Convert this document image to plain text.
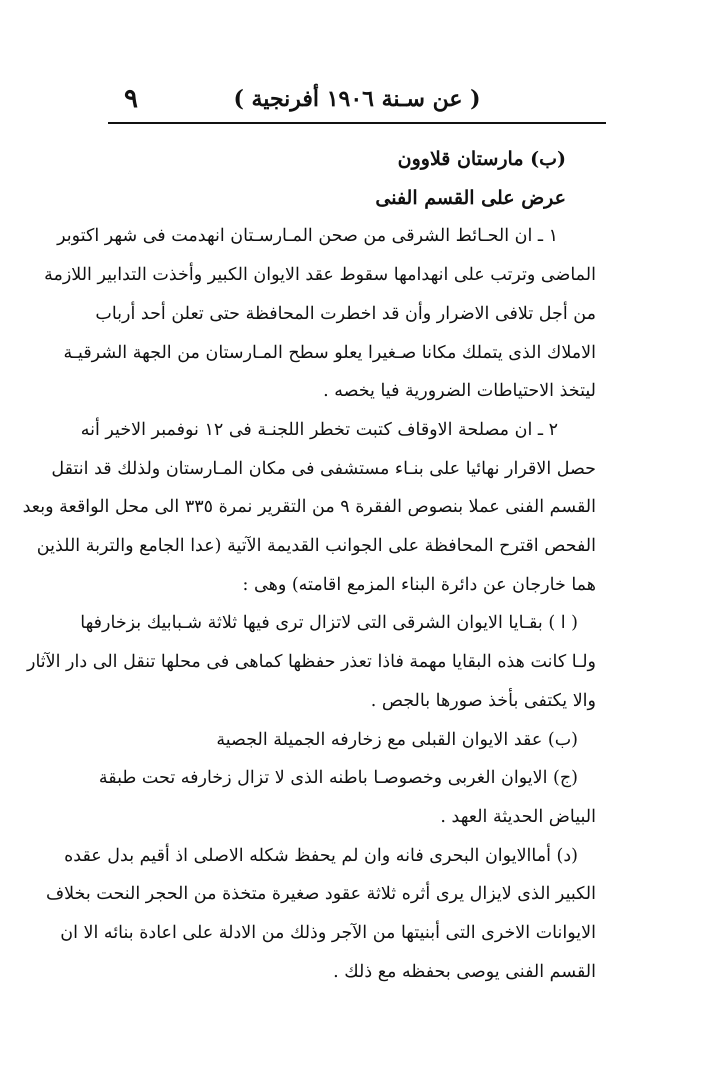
( عن سـنة ١٩٠٦ أفرنجية )
٩
(ب) مارستان قلاوون
عرض على القسم الفنى
١ ـ ان الحـائط الشرقى من صحن المـارسـتان انهدمت فى شهر اكتوبر
الماضى وترتب على انهدامها سقوط عقد الايوان الكبير وأخذت التدابير اللازمة
من أجل تلافى الاضرار وأن قد اخطرت المحافظة حتى تعلن أحد أرباب
الاملاك الذى يتملك مكانا صـغيرا يعلو سطح المـارستان من الجهة الشرقيـة
ليتخذ الاحتياطات الضرورية فيا يخصه .
٢ ـ ان مصلحة الاوقاف كتبت تخطر اللجنـة فى ١٢ نوفمبر الاخير أنه
حصل الاقرار نهائيا على بنـاء مستشفى فى مكان المـارستان ولذلك قد انتقل
القسم الفنى عملا بنصوص الفقرة ٩ من التقرير نمرة ٣٣٥ الى محل الواقعة وبعد
الفحص اقترح المحافظة على الجوانب القديمة الآتية (عدا الجامع والتربة اللذين
هما خارجان عن دائرة البناء المزمع اقامته) وهى :
( ا ) بقـايا الايوان الشرقى التى لاتزال ترى فيها ثلاثة شـبابيك بزخارفها
ولـا كانت هذه البقايا مهمة فاذا تعذر حفظها كماهى فى محلها تنقل الى دار الآثار
والا يكتفى بأخذ صورها بالجص .
(ب) عقد الايوان القبلى مع زخارفه الجميلة الجصية
(ج) الايوان الغربى وخصوصـا باطنه الذى لا تزال زخارفه تحت طبقة
البياض الحديثة العهد .
(د) أماالايوان البحرى فانه وان لم يحفظ شكله الاصلى اذ أقيم بدل عقده
الكبير الذى لايزال يرى أثره ثلاثة عقود صغيرة متخذة من الحجر النحت بخلاف
الايوانات الاخرى التى أبنيتها من الآجر وذلك من الادلة على اعادة بنائه الا ان
القسم الفنى يوصى بحفظه مع ذلك .
